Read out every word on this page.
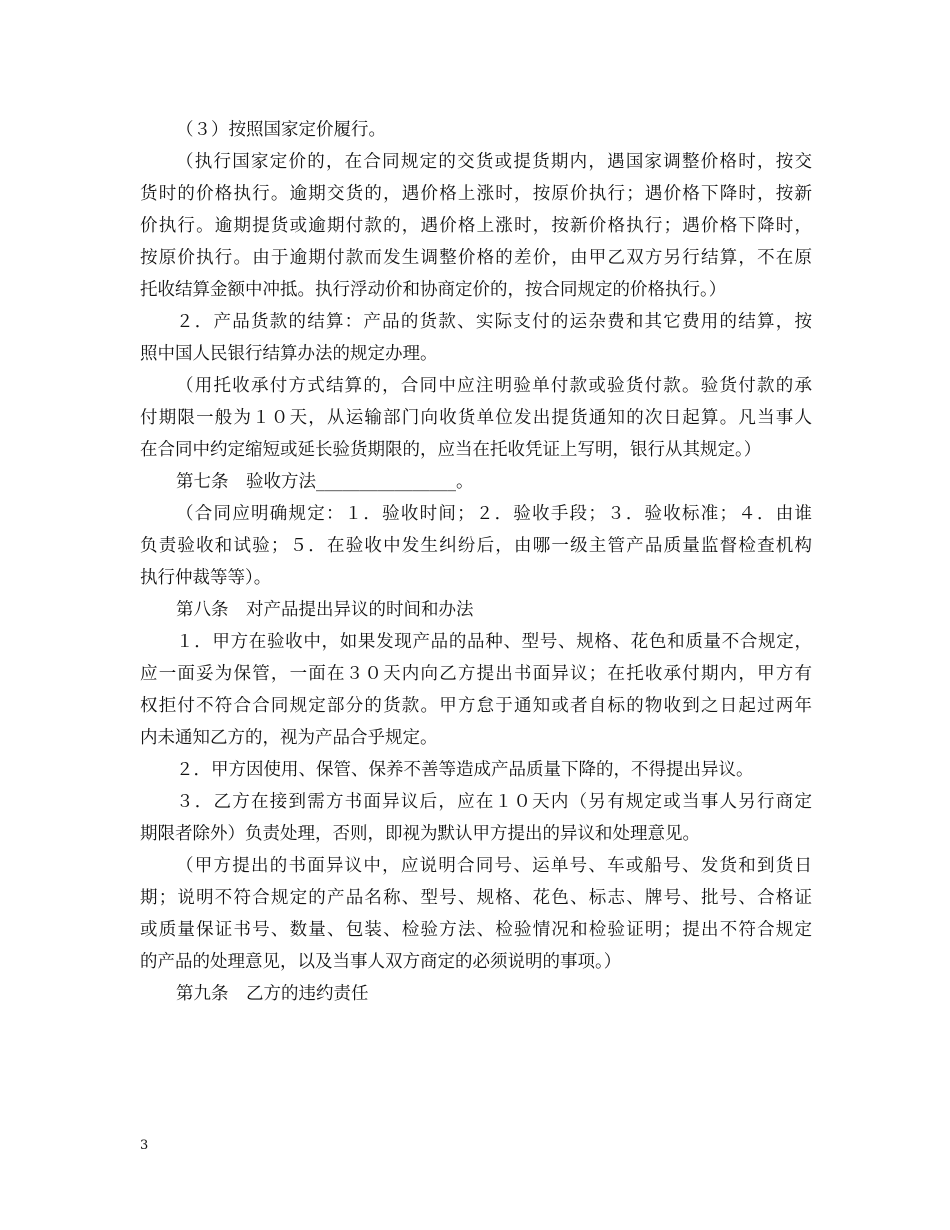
（３）按照国家定价履行。
（执行国家定价的，在合同规定的交货或提货期内，遇国家调整价格时，按交
货时的价格执行。逾期交货的，遇价格上涨时，按原价执行；遇价格下降时，按新
价执行。逾期提货或逾期付款的，遇价格上涨时，按新价格执行；遇价格下降时，
按原价执行。由于逾期付款而发生调整价格的差价，由甲乙双方另行结算，不在原
托收结算金额中冲抵。执行浮动价和协商定价的，按合同规定的价格执行。）
２．产品货款的结算：产品的货款、实际支付的运杂费和其它费用的结算，按
照中国人民银行结算办法的规定办理。
（用托收承付方式结算的，合同中应注明验单付款或验货付款。验货付款的承
付期限一般为１０天，从运输部门向收货单位发出提货通知的次日起算。凡当事人
在合同中约定缩短或延长验货期限的，应当在托收凭证上写明，银行从其规定。）
第七条　验收方法________________。
（合同应明确规定：１．验收时间；２．验收手段；３．验收标准；４．由谁
负责验收和试验；５．在验收中发生纠纷后，由哪一级主管产品质量监督检查机构
执行仲裁等等）。
第八条　对产品提出异议的时间和办法
１．甲方在验收中，如果发现产品的品种、型号、规格、花色和质量不合规定，
应一面妥为保管，一面在３０天内向乙方提出书面异议；在托收承付期内，甲方有
权拒付不符合合同规定部分的货款。甲方怠于通知或者自标的物收到之日起过两年
内未通知乙方的，视为产品合乎规定。
２．甲方因使用、保管、保养不善等造成产品质量下降的，不得提出异议。
３．乙方在接到需方书面异议后，应在１０天内（另有规定或当事人另行商定
期限者除外）负责处理，否则，即视为默认甲方提出的异议和处理意见。
（甲方提出的书面异议中，应说明合同号、运单号、车或船号、发货和到货日
期；说明不符合规定的产品名称、型号、规格、花色、标志、牌号、批号、合格证
或质量保证书号、数量、包装、检验方法、检验情况和检验证明；提出不符合规定
的产品的处理意见，以及当事人双方商定的必须说明的事项。）
第九条　乙方的违约责任
3
